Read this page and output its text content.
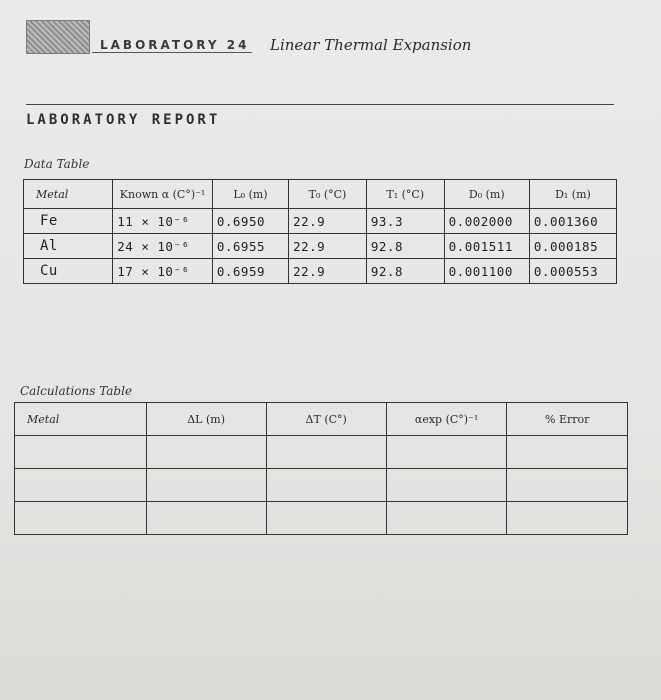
LABORATORY 24 Linear Thermal Expansion
LABORATORY REPORT
Data Table
Metal	Known α (C°)⁻¹	L₀ (m)	T₀ (°C)	T₁ (°C)	D₀ (m)	D₁ (m)
Fe	11 × 10⁻⁶	0.6950	22.9	93.3	0.002000	0.001360
Al	24 × 10⁻⁶	0.6955	22.9	92.8	0.001511	0.000185
Cu	17 × 10⁻⁶	0.6959	22.9	92.8	0.001100	0.000553
Calculations Table
Metal	ΔL (m)	ΔT (C°)	αexp (C°)⁻¹	% Error
